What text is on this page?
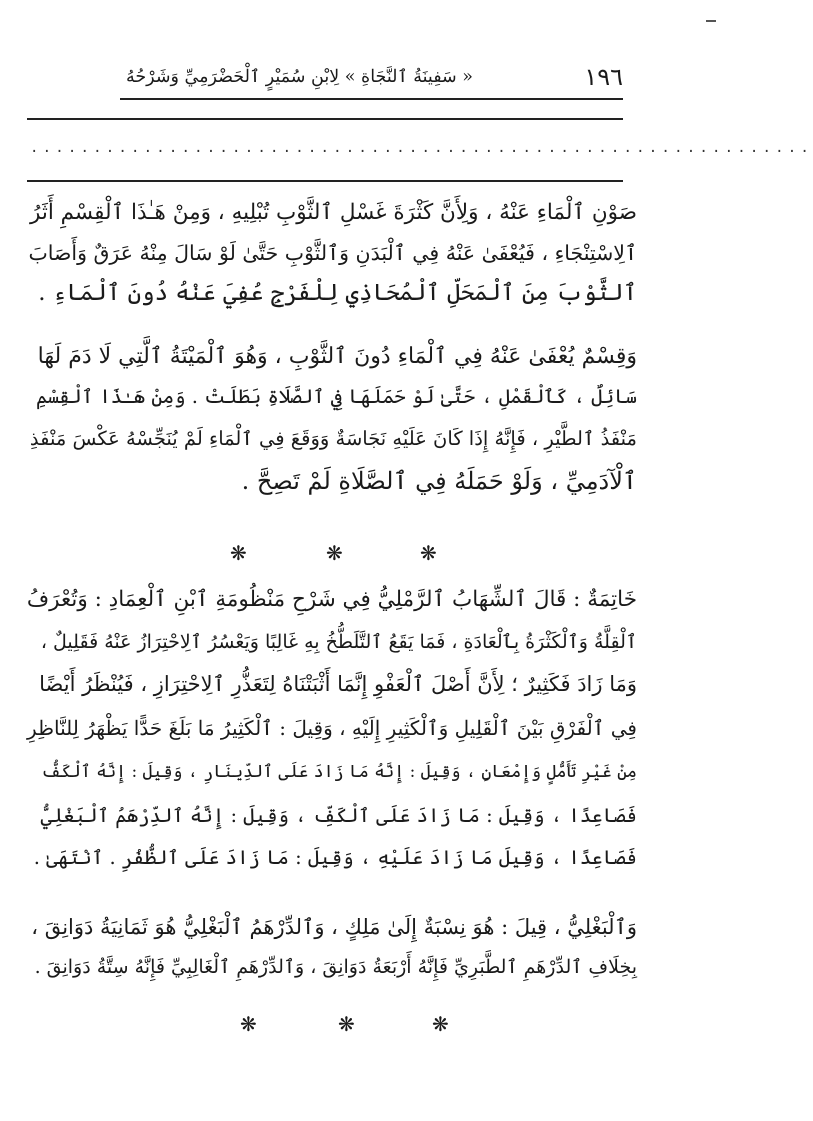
١٩٦
« سَفِينَةُ ٱلنَّجَاةِ » لِابْنِ سُمَيْرٍ ٱلْحَضْرَمِيِّ وَشَرْحُهُ
..............................................................
صَوْنِ ٱلْمَاءِ عَنْهُ ، وَلِأَنَّ كَثْرَةَ غَسْلِ ٱلثَّوْبِ تُبْلِيهِ ، وَمِنْ هَـٰذَا ٱلْقِسْمِ أَثَرُ
ٱلِاسْتِنْجَاءِ ، فَيُعْفَىٰ عَنْهُ فِي ٱلْبَدَنِ وَٱلثَّوْبِ حَتَّىٰ لَوْ سَالَ مِنْهُ عَرَقٌ وَأَصَابَ
ٱلثَّوْبَ مِنَ ٱلْمَحَلِّ ٱلْمُحَاذِي لِلْفَرْجِ عُفِيَ عَنْهُ دُونَ ٱلْمَاءِ .
وَقِسْمٌ يُعْفَىٰ عَنْهُ فِي ٱلْمَاءِ دُونَ ٱلثَّوْبِ ، وَهُوَ ٱلْمَيْتَةُ ٱلَّتِي لَا دَمَ لَهَا
سَائِلٌ ، كَٱلْقَمْلِ ، حَتَّىٰ لَوْ حَمَلَهَا فِي ٱلصَّلَاةِ بَطَلَتْ . وَمِنْ هَـٰذَا ٱلْقِسْمِ
مَنْفَذُ ٱلطَّيْرِ ، فَإِنَّهُ إِذَا كَانَ عَلَيْهِ نَجَاسَةٌ وَوَقَعَ فِي ٱلْمَاءِ لَمْ يُنَجِّسْهُ عَكْسَ مَنْفَذِ
ٱلْآدَمِيِّ ، وَلَوْ حَمَلَهُ فِي ٱلصَّلَاةِ لَمْ تَصِحَّ .
❋	❋	❋
خَاتِمَةٌ : قَالَ ٱلشِّهَابُ ٱلرَّمْلِيُّ فِي شَرْحِ مَنْظُومَةِ ٱبْنِ ٱلْعِمَادِ : وَتُعْرَفُ
ٱلْقِلَّةُ وَٱلْكَثْرَةُ بِٱلْعَادَةِ ، فَمَا يَقَعُ ٱلتَّلَطُّخُ بِهِ غَالِبًا وَيَعْسُرُ ٱلِاحْتِرَازُ عَنْهُ فَقَلِيلٌ ،
وَمَا زَادَ فَكَثِيرٌ ؛ لِأَنَّ أَصْلَ ٱلْعَفْوِ إِنَّمَا أَثْبَتْنَاهُ لِتَعَذُّرِ ٱلِاحْتِرَازِ ، فَيُنْظَرُ أَيْضًا
فِي ٱلْفَرْقِ بَيْنَ ٱلْقَلِيلِ وَٱلْكَثِيرِ إِلَيْهِ ، وَقِيلَ : ٱلْكَثِيرُ مَا بَلَغَ حَدًّا يَظْهَرُ لِلنَّاظِرِ
مِنْ غَيْرِ تَأَمُّلٍ وَإِمْعَانٍ ، وَقِيلَ : إِنَّهُ مَا زَادَ عَلَى ٱلدِّينَارِ ، وَقِيلَ : إِنَّهُ ٱلْكَفُّ
فَصَاعِدًا ، وَقِيلَ : مَا زَادَ عَلَى ٱلْكَفِّ ، وَقِيلَ : إِنَّهُ ٱلدِّرْهَمُ ٱلْبَغْلِيُّ
فَصَاعِدًا ، وَقِيلَ مَا زَادَ عَلَيْهِ ، وَقِيلَ : مَا زَادَ عَلَى ٱلظُّفُرِ . ٱنْتَهَىٰ .
وَٱلْبَغْلِيُّ ، قِيلَ : هُوَ نِسْبَةٌ إِلَىٰ مَلِكٍ ، وَٱلدِّرْهَمُ ٱلْبَغْلِيُّ هُوَ ثَمَانِيَةُ دَوَانِقَ ،
بِخِلَافِ ٱلدِّرْهَمِ ٱلطَّبَرِيِّ فَإِنَّهُ أَرْبَعَةُ دَوَانِقَ ، وَٱلدِّرْهَمِ ٱلْغَالِبِيِّ فَإِنَّهُ سِتَّةُ دَوَانِقَ .
❋	❋	❋
